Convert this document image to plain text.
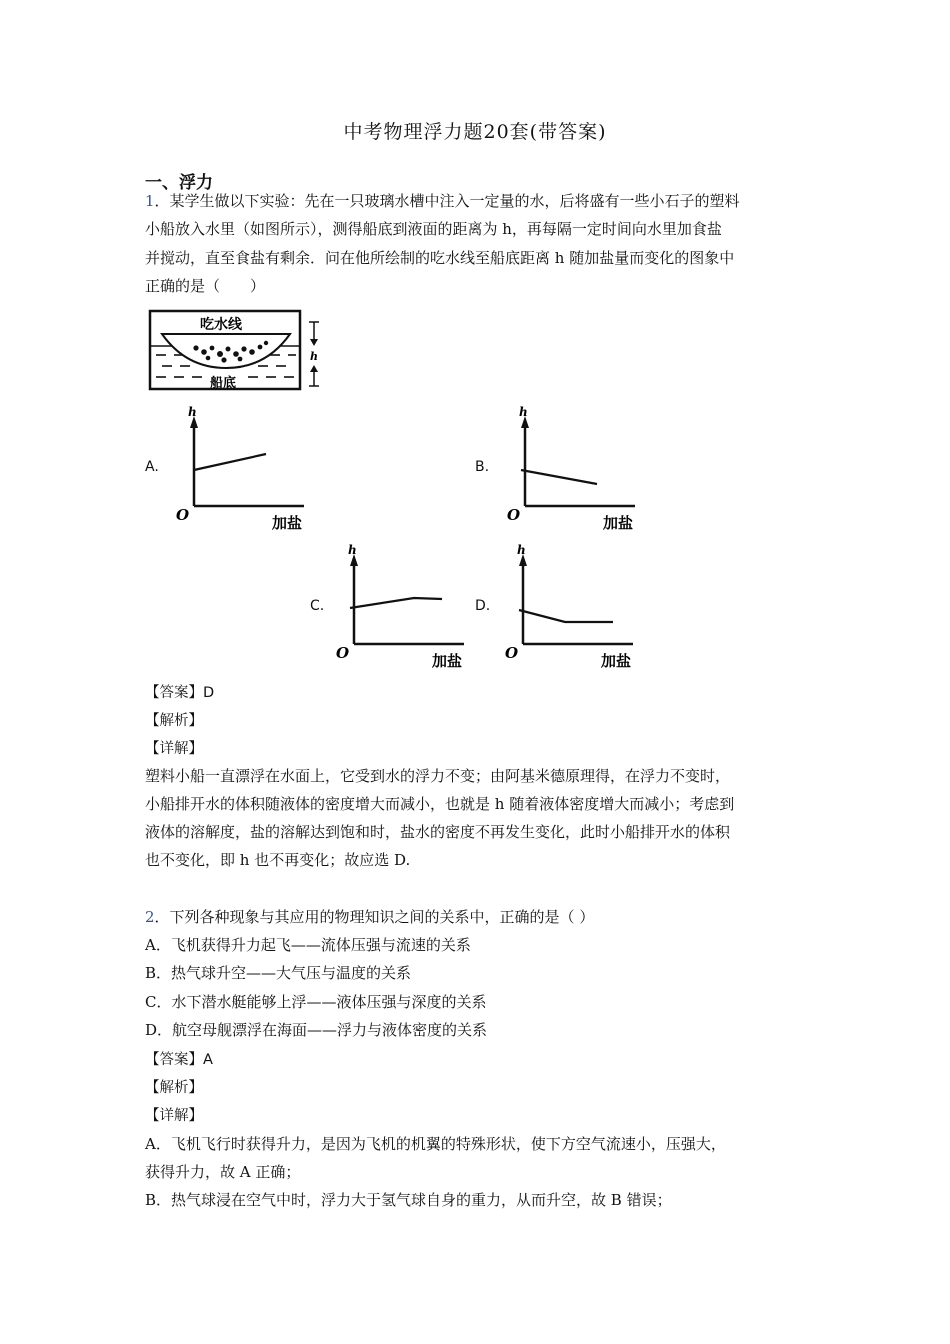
中考物理浮力题20套(带答案)
一、浮力
1．某学生做以下实验：先在一只玻璃水槽中注入一定量的水，后将盛有一些小石子的塑料
小船放入水里（如图所示），测得船底到液面的距离为 h，再每隔一定时间向水里加食盐
并搅动，直至食盐有剩余．问在他所绘制的吃水线至船底距离 h 随加盐量而变化的图象中
正确的是（　　）
吃水线
船底
h
A.	B.
C.	D.
h
O	加盐
h
O	加盐
h
O	加盐
h
O	加盐
【答案】D
【解析】
【详解】
塑料小船一直漂浮在水面上，它受到水的浮力不变；由阿基米德原理得，在浮力不变时，
小船排开水的体积随液体的密度增大而减小，也就是 h 随着液体密度增大而减小；考虑到
液体的溶解度，盐的溶解达到饱和时，盐水的密度不再发生变化，此时小船排开水的体积
也不变化，即 h 也不再变化；故应选 D.
2．下列各种现象与其应用的物理知识之间的关系中，正确的是（ ）
A．飞机获得升力起飞——流体压强与流速的关系
B．热气球升空——大气压与温度的关系
C．水下潜水艇能够上浮——液体压强与深度的关系
D．航空母舰漂浮在海面——浮力与液体密度的关系
【答案】A
【解析】
【详解】
A．飞机飞行时获得升力，是因为飞机的机翼的特殊形状，使下方空气流速小，压强大，
获得升力，故 A 正确；
B．热气球浸在空气中时，浮力大于氢气球自身的重力，从而升空，故 B 错误；
